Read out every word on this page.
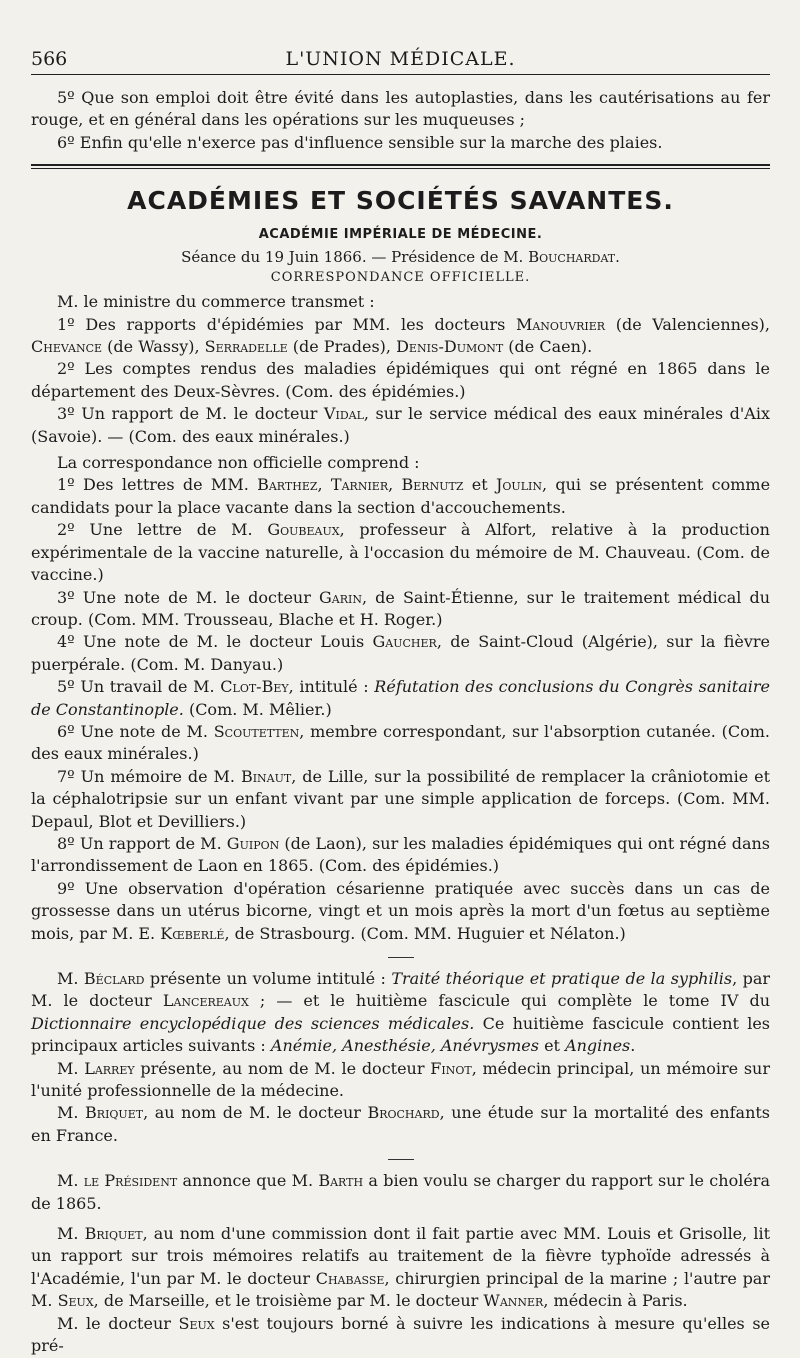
566	L'UNION MÉDICALE.

5º Que son emploi doit être évité dans les autoplasties, dans les cautérisations au fer rouge, et en général dans les opérations sur les muqueuses ;

6º Enfin qu'elle n'exerce pas d'influence sensible sur la marche des plaies.

ACADÉMIES ET SOCIÉTÉS SAVANTES.
ACADÉMIE IMPÉRIALE DE MÉDECINE.
Séance du 19 Juin 1866. — Présidence de M. Bouchardat.
CORRESPONDANCE OFFICIELLE.

M. le ministre du commerce transmet :

1º Des rapports d'épidémies par MM. les docteurs Manouvrier (de Valenciennes), Chevance (de Wassy), Serradelle (de Prades), Denis-Dumont (de Caen).

2º Les comptes rendus des maladies épidémiques qui ont régné en 1865 dans le département des Deux-Sèvres. (Com. des épidémies.)

3º Un rapport de M. le docteur Vidal, sur le service médical des eaux minérales d'Aix (Savoie). — (Com. des eaux minérales.)

La correspondance non officielle comprend :

1º Des lettres de MM. Barthez, Tarnier, Bernutz et Joulin, qui se présentent comme candidats pour la place vacante dans la section d'accouchements.

2º Une lettre de M. Goubeaux, professeur à Alfort, relative à la production expérimentale de la vaccine naturelle, à l'occasion du mémoire de M. Chauveau. (Com. de vaccine.)

3º Une note de M. le docteur Garin, de Saint-Étienne, sur le traitement médical du croup. (Com. MM. Trousseau, Blache et H. Roger.)

4º Une note de M. le docteur Louis Gaucher, de Saint-Cloud (Algérie), sur la fièvre puerpérale. (Com. M. Danyau.)

5º Un travail de M. Clot-Bey, intitulé : Réfutation des conclusions du Congrès sanitaire de Constantinople. (Com. M. Mêlier.)

6º Une note de M. Scoutetten, membre correspondant, sur l'absorption cutanée. (Com. des eaux minérales.)

7º Un mémoire de M. Binaut, de Lille, sur la possibilité de remplacer la crâniotomie et la céphalotripsie sur un enfant vivant par une simple application de forceps. (Com. MM. Depaul, Blot et Devilliers.)

8º Un rapport de M. Guipon (de Laon), sur les maladies épidémiques qui ont régné dans l'arrondissement de Laon en 1865. (Com. des épidémies.)

9º Une observation d'opération césarienne pratiquée avec succès dans un cas de grossesse dans un utérus bicorne, vingt et un mois après la mort d'un fœtus au septième mois, par M. E. Kœberlé, de Strasbourg. (Com. MM. Huguier et Nélaton.)

M. Béclard présente un volume intitulé : Traité théorique et pratique de la syphilis, par M. le docteur Lancereaux ; — et le huitième fascicule qui complète le tome IV du Dictionnaire encyclopédique des sciences médicales. Ce huitième fascicule contient les principaux articles suivants : Anémie, Anesthésie, Anévrysmes et Angines.

M. Larrey présente, au nom de M. le docteur Finot, médecin principal, un mémoire sur l'unité professionnelle de la médecine.

M. Briquet, au nom de M. le docteur Brochard, une étude sur la mortalité des enfants en France.

M. le Président annonce que M. Barth a bien voulu se charger du rapport sur le choléra de 1865.

M. Briquet, au nom d'une commission dont il fait partie avec MM. Louis et Grisolle, lit un rapport sur trois mémoires relatifs au traitement de la fièvre typhoïde adressés à l'Académie, l'un par M. le docteur Chabasse, chirurgien principal de la marine ; l'autre par M. Seux, de Marseille, et le troisième par M. le docteur Wanner, médecin à Paris.

M. le docteur Seux s'est toujours borné à suivre les indications à mesure qu'elles se pré-
